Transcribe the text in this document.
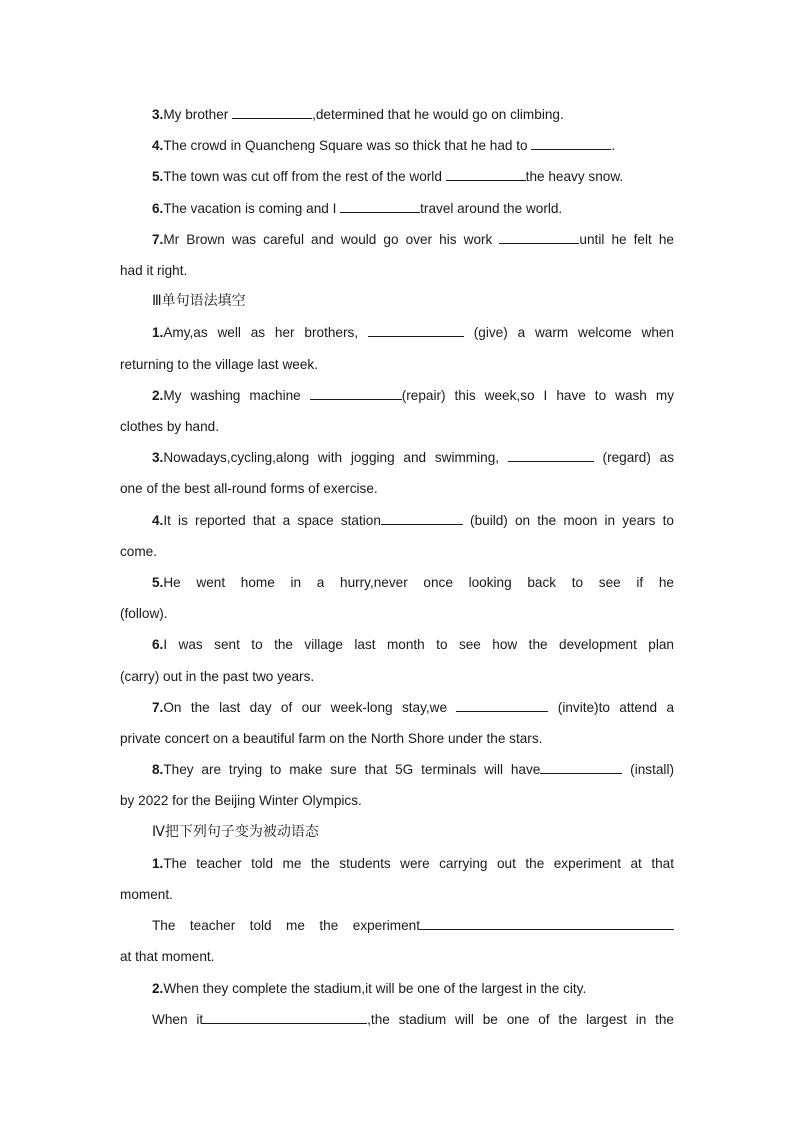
3.My brother	,determined that he would go on climbing.
4.The crowd in Quancheng Square was so thick that he had to	.
5.The town was cut off from the rest of the world	the heavy snow.
6.The vacation is coming and I	travel around the world.
7.Mr Brown was careful and would go over his work	until he felt he
had it right.
Ⅲ单句语法填空
1.Amy,as well as her brothers,	(give) a warm welcome when
returning to the village last week.
2.My washing machine	(repair) this week,so I have to wash my
clothes by hand.
3.Nowadays,cycling,along with jogging and swimming,	(regard) as
one of the best all-round forms of exercise.
4.It is reported that a space station	(build) on the moon in years to
come.
5.He went home in a hurry,never once looking back to see if he
(follow).
6.I was sent to the village last month to see how the development plan
(carry) out in the past two years.
7.On the last day of our week-long stay,we	(invite)to attend a
private concert on a beautiful farm on the North Shore under the stars.
8.They are trying to make sure that 5G terminals will have	(install)
by 2022 for the Beijing Winter Olympics.
Ⅳ把下列句子变为被动语态
1.The teacher told me the students were carrying out the experiment at that
moment.
The teacher told me the experiment
at that moment.
2.When they complete the stadium,it will be one of the largest in the city.
When it	,the stadium will be one of the largest in the
